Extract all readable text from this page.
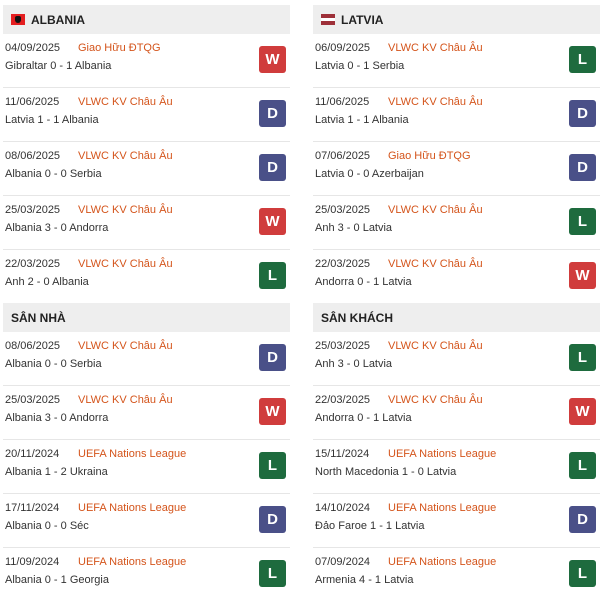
ALBANIA
04/09/2025 Giao Hữu ĐTQG
Gibraltar 0 - 1 Albania	W
11/06/2025 VLWC KV Châu Âu
Latvia 1 - 1 Albania	D
08/06/2025 VLWC KV Châu Âu
Albania 0 - 0 Serbia	D
25/03/2025 VLWC KV Châu Âu
Albania 3 - 0 Andorra	W
22/03/2025 VLWC KV Châu Âu
Anh 2 - 0 Albania	L
LATVIA
06/09/2025 VLWC KV Châu Âu
Latvia 0 - 1 Serbia	L
11/06/2025 VLWC KV Châu Âu
Latvia 1 - 1 Albania	D
07/06/2025 Giao Hữu ĐTQG
Latvia 0 - 0 Azerbaijan	D
25/03/2025 VLWC KV Châu Âu
Anh 3 - 0 Latvia	L
22/03/2025 VLWC KV Châu Âu
Andorra 0 - 1 Latvia	W
SÂN NHÀ
08/06/2025 VLWC KV Châu Âu
Albania 0 - 0 Serbia	D
25/03/2025 VLWC KV Châu Âu
Albania 3 - 0 Andorra	W
20/11/2024 UEFA Nations League
Albania 1 - 2 Ukraina	L
17/11/2024 UEFA Nations League
Albania 0 - 0 Séc	D
11/09/2024 UEFA Nations League
Albania 0 - 1 Georgia	L
SÂN KHÁCH
25/03/2025 VLWC KV Châu Âu
Anh 3 - 0 Latvia	L
22/03/2025 VLWC KV Châu Âu
Andorra 0 - 1 Latvia	W
15/11/2024 UEFA Nations League
North Macedonia 1 - 0 Latvia	L
14/10/2024 UEFA Nations League
Đảo Faroe 1 - 1 Latvia	D
07/09/2024 UEFA Nations League
Armenia 4 - 1 Latvia	L
